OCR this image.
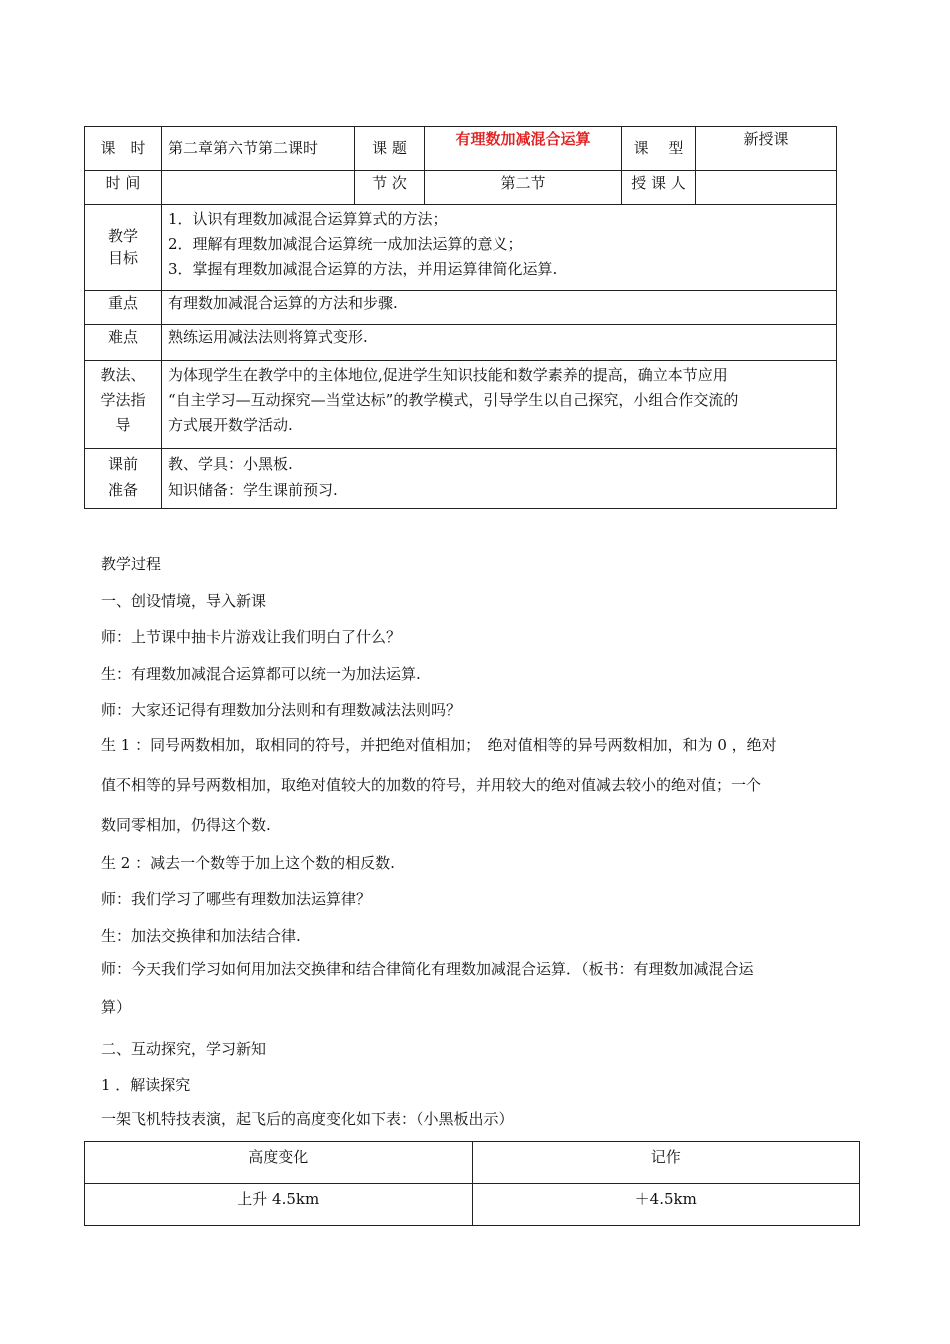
课　时	第二章第六节第二课时	课 题	有理数加减混合运算	课　 型	新授课
时 间		节 次	第二节	授 课 人	

教学
目标	1．认识有理数加减混合运算算式的方法；
2．理解有理数加减混合运算统一成加法运算的意义；
3．掌握有理数加减混合运算的方法，并用运算律简化运算.				

重点	有理数加减混合运算的方法和步骤.				
难点	熟练运用减法法则将算式变形.				

教法、
学法指
导	为体现学生在教学中的主体地位,促进学生知识技能和数学素养的提高，确立本节应用
“自主学习—互动探究—当堂达标”的教学模式，引导学生以自己探究，小组合作交流的
方式展开数学活动.				

课前
准备	教、学具：小黑板.
知识储备：学生课前预习.				
教学过程
一、创设情境，导入新课
师：上节课中抽卡片游戏让我们明白了什么？
生：有理数加减混合运算都可以统一为加法运算.
师：大家还记得有理数加分法则和有理数减法法则吗？
生 1 ：同号两数相加，取相同的符号，并把绝对值相加；　绝对值相等的异号两数相加，和为 0 ，绝对
值不相等的异号两数相加，取绝对值较大的加数的符号，并用较大的绝对值减去较小的绝对值；一个
数同零相加，仍得这个数.
生 2 ：减去一个数等于加上这个数的相反数.
师：我们学习了哪些有理数加法运算律？
生：加法交换律和加法结合律.
师：今天我们学习如何用加法交换律和结合律简化有理数加减混合运算．（板书：有理数加减混合运
算）
二、互动探究，学习新知
1 ．解读探究
一架飞机特技表演，起飞后的高度变化如下表：（小黑板出示）
高度变化	记作
上升 4.5km	＋4.5km
